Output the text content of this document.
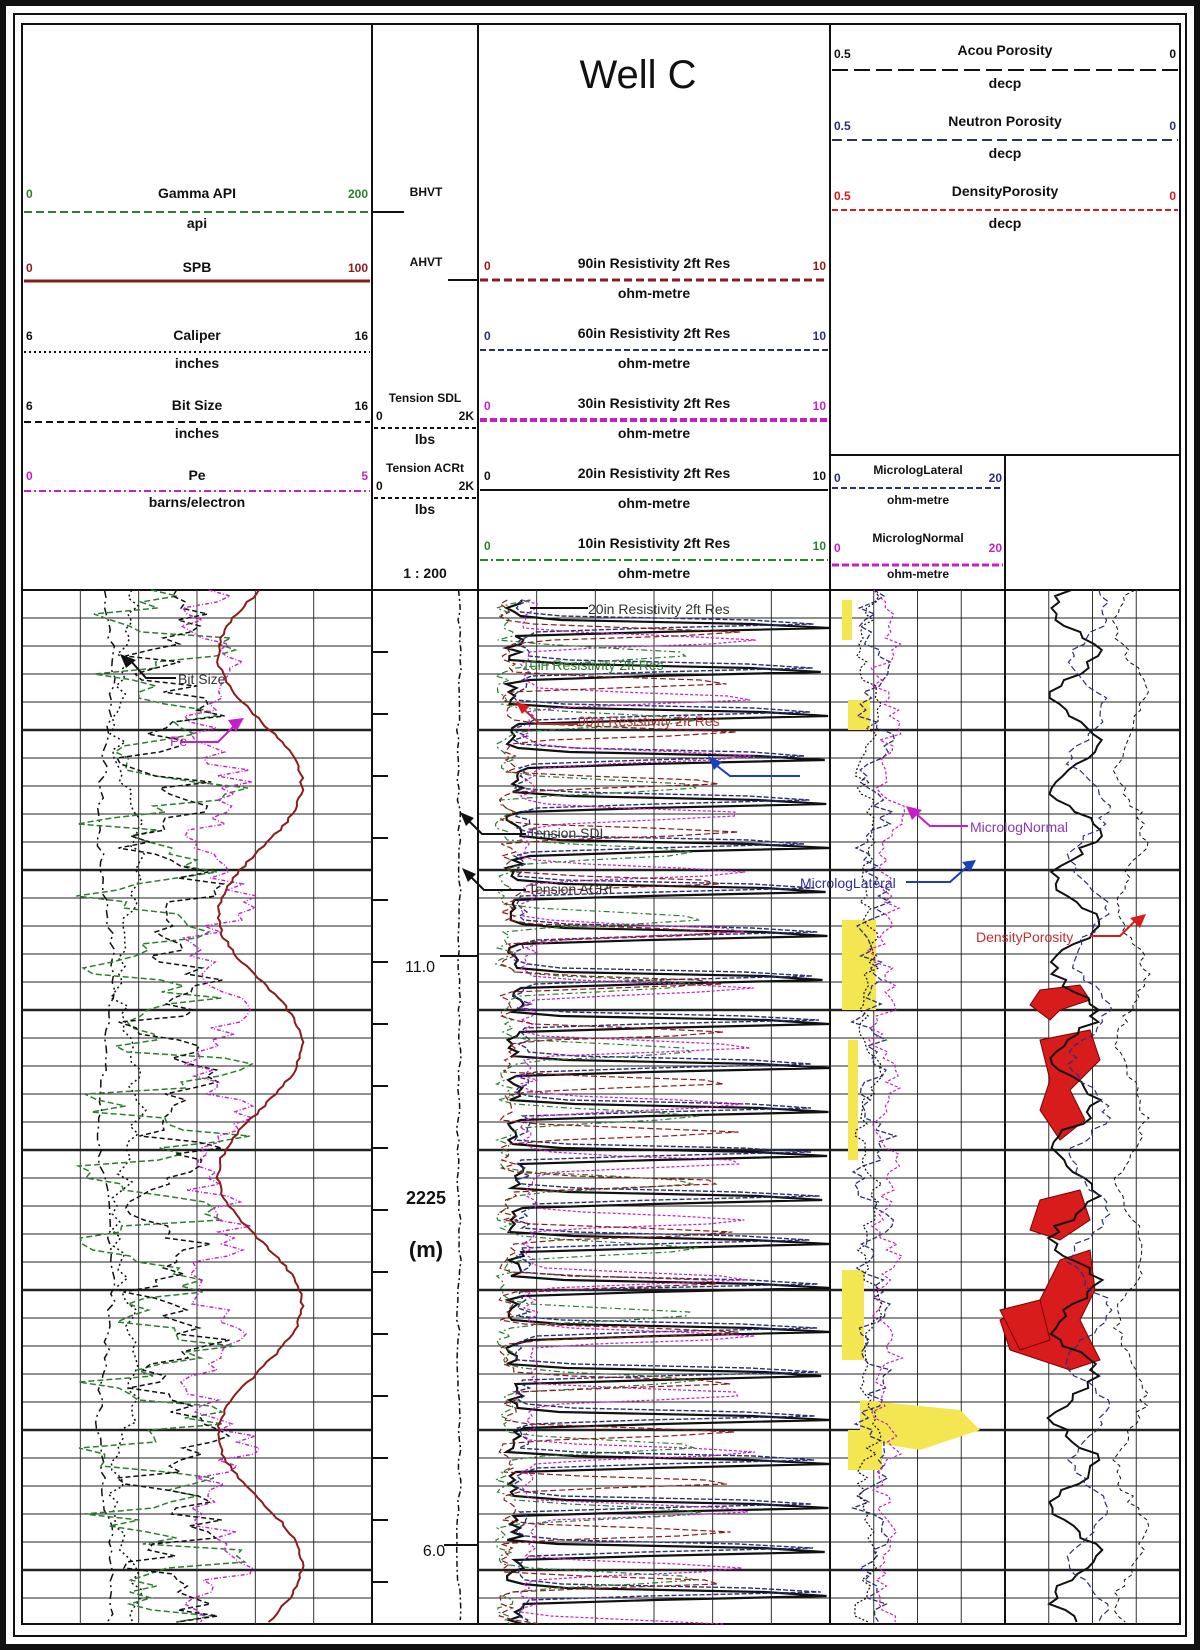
0	Gamma API	200
api
0	SPB	100
6	Caliper	16
inches
6	Bit Size	16
inches
0	Pe	5
barns/electron
BHVT
AHVT
Tension SDL
0	2K
lbs
Tension ACRt
0	2K
lbs
1 : 200
Well C
0	90in Resistivity 2ft Res	10
ohm-metre
0	60in Resistivity 2ft Res	10
ohm-metre
0	30in Resistivity 2ft Res	10
ohm-metre
0	20in Resistivity 2ft Res	10
ohm-metre
0	10in Resistivity 2ft Res	10
ohm-metre
0.5	Acou Porosity	0
decp
0.5	Neutron Porosity	0
decp
0.5	DensityPorosity	0
decp
MicrologLateral
0	20
ohm-metre
MicrologNormal
0	20
ohm-metre
11.0
2225
(m)
6.0
20in Resistivity 2ft Res
10in Resistivity 2ft Res
90in Resistivity 2ft Res
Tension SDL
Tension ACRt
MicrologNormal
MicrologLateral
DensityPorosity
Bit Size
Pe
